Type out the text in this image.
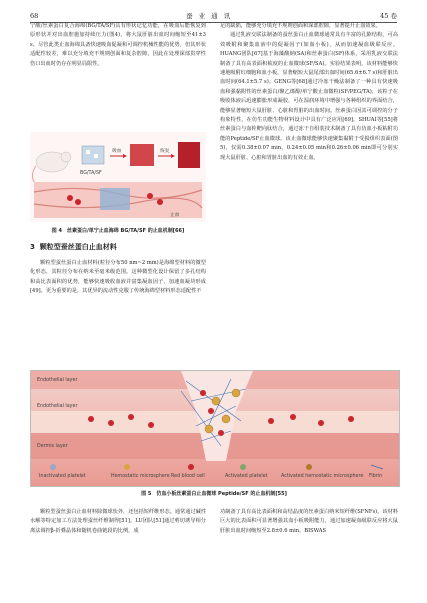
68	蚕 业 通 讯	45 卷

宁酸/丝素蛋白复合海绵(BG/TA/SF)具有形状记忆功能，在吸血后能恢复到原形状并对出血腔施加持续压力(图4)，将大鼠肝脏出血时间缩短至41±3 s。尽管此类止血海绵具备快速吸血促凝和可调控机械性能的优势，但其形状适配性较差，难以充分填充不规则创面和复杂腔隙，因此在处理深部贯穿性伤口出血时仍存在明显局限性。

足的缺陷，能够充分填充不规则创面和深部腔隙，显著提升止血效果。

通过乳液交联法制备的蚕丝蛋白止血微球通常具有丰富的孔隙结构，可高效吸附和聚集血液中的促凝因子(如血小板)，从而加速凝血级联反应。HUANG团队[67]基于海藻酸钠(SA)和丝素蛋白(SF)体系，采用乳液交联法制备了具有高表面积梳度的止血微球(SF/SA)。实验结果表明，该材料能够快速地吸附红细胞和血小板，显著缩短大鼠尾部出血时间(65.6±6.7 s)和肝脏出血时间(64.1±5.7 s)。GENG等[68]通过冷冻干燥法制备了一种具有快速吸血和强黏附性的丝素蛋白/聚乙烯醇/单宁酸止血微粒(SF/PEG/TA)，该粒子在吸收体液后迅速膨胀形成凝胶，可在湿润环境中增强与各种组织的界面结合，能够显著缩短大鼠肝脏、心脏和胃脏的出血时间。丝素蛋白因其可调控的分子构象特性，在仿生功能生物材料设计中具有广泛应用[69]。SHUAI等[55]将丝素蛋白与血栓靶向肽结合，通过冻干自组装技术制备了具有仿血小板粘附功能的Peptide/SF止血微球。该止血微球能够快速聚集黏附于受损组织表面(图5)，仅需0.38±0.07 min、0.24±0.05 min和0.26±0.06 min即可分别实现大鼠肝脏、心脏和胃脏出血的有效止血。

BG/TA/SF
吸血	恢复
止血
图 4　丝素蛋白/单宁止血海绵 BG/TA/SF 的止血机制[66]
3 颗粒型蚕丝蛋白止血材料

颗粒型蚕丝蛋白止血材料(粒径分布50 nm~2 mm)是海绵型材料的微型化形态，其粒径分布在纳米至毫米级范围。这种微型化设计保留了多孔结构和高比表面积的优势，能够快速吸收血液并富集凝血因子，加速血凝块形成[49]。更为重要的是，其优异的流动性克服了传统海绵型材料形态适配性不

Endothelial layer
Endothelial layer
Dermis layer
Inactivated platelet	Hemostatic microsphere Red blood cell	Activated platelet	Activated hemostatic microsphere Fibrin
图 5　仿血小板丝素蛋白止血微球 Peptide/SF 的止血机制[55]

颗粒型蚕丝蛋白止血材料除微球状外，还包括短纤维形态。通常通过碱性水解等特定加工方法处理蚕丝纤维制得[51]。LU团队[51]通过剪切诱导相分离法调控β-折叠晶体和随机卷曲链段的比例，成

功制备了具有高比表面积和高结晶度的丝素蛋白纳米短纤维(SFNFs)。该材料巨大的比表面积可显著增强其血小板吸附能力，通过加速凝血级联反应将大鼠肝脏出血时间缩短至2.8±0.6 min。BISWAS
